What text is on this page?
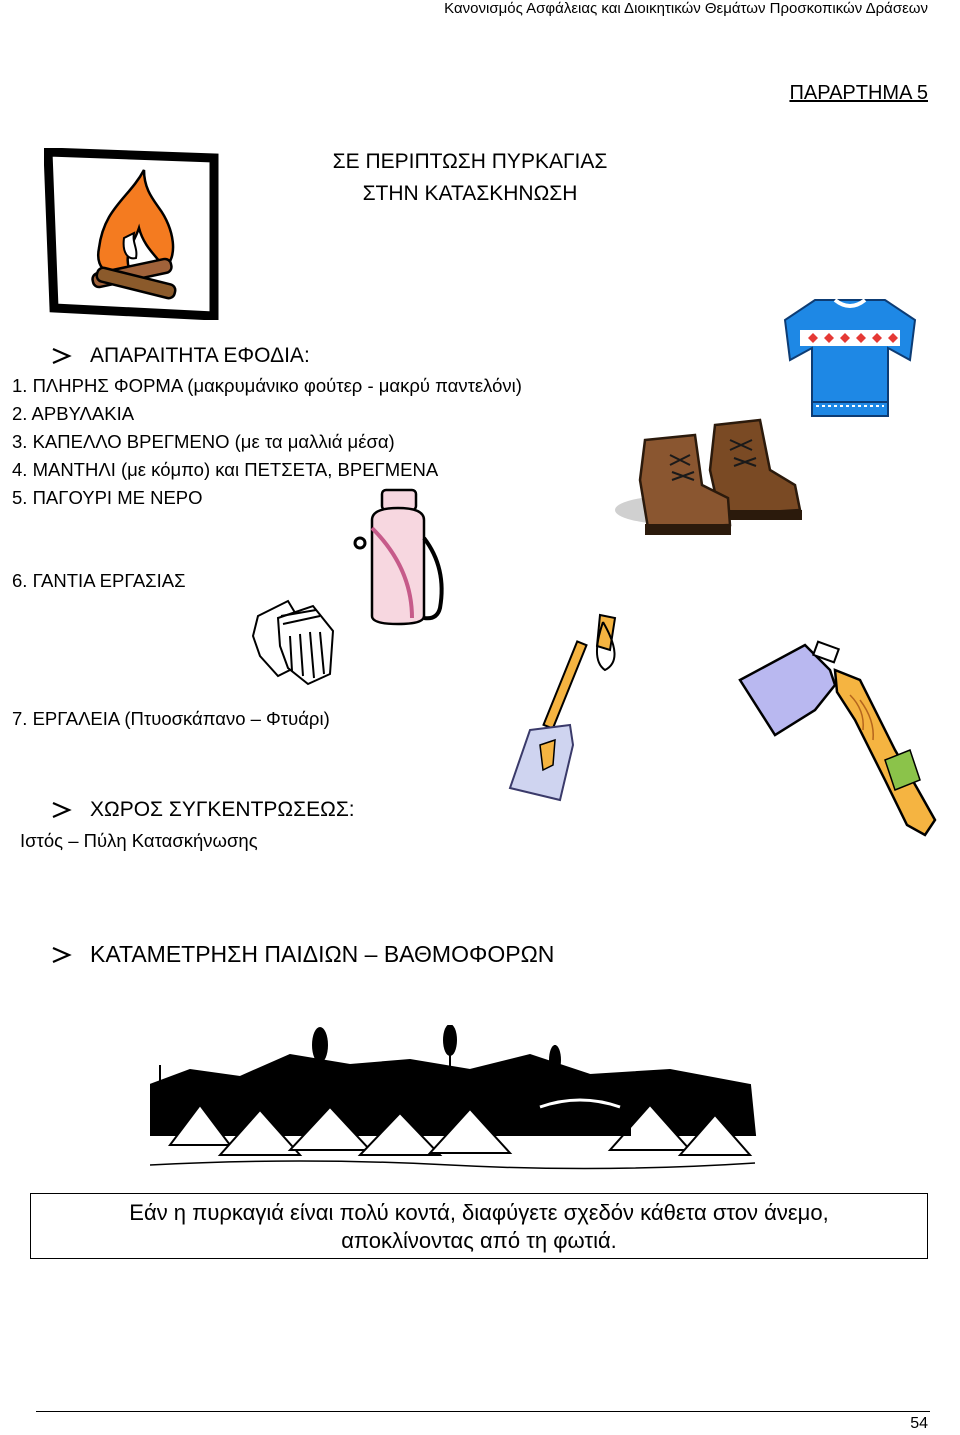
Κανονισμός Ασφάλειας και Διοικητικών Θεμάτων Προσκοπικών Δράσεων
ΠΑΡΑΡΤΗΜΑ 5
ΣΕ ΠΕΡΙΠΤΩΣΗ ΠΥΡΚΑΓΙΑΣ
ΣΤΗΝ ΚΑΤΑΣΚΗΝΩΣΗ
ΑΠΑΡΑΙΤΗΤΑ ΕΦΟΔΙΑ:
1. ΠΛΗΡΗΣ ΦΟΡΜΑ (μακρυμάνικο φούτερ - μακρύ παντελόνι)
2. ΑΡΒΥΛΑΚΙΑ
3. ΚΑΠΕΛΛΟ ΒΡΕΓΜΕΝΟ (με τα μαλλιά μέσα)
4. ΜΑΝΤΗΛΙ (με κόμπο) και ΠΕΤΣΕΤΑ, ΒΡΕΓΜΕΝΑ
5. ΠΑΓΟΥΡΙ ΜΕ ΝΕΡΟ
6. ΓΑΝΤΙΑ ΕΡΓΑΣΙΑΣ
7. ΕΡΓΑΛΕΙΑ (Πτυοσκάπανο – Φτυάρι)
ΧΩΡΟΣ ΣΥΓΚΕΝΤΡΩΣΕΩΣ:
Ιστός – Πύλη Κατασκήνωσης
ΚΑΤΑΜΕΤΡΗΣΗ ΠΑΙΔΙΩΝ – ΒΑΘΜΟΦΟΡΩΝ
Εάν η πυρκαγιά είναι πολύ κοντά, διαφύγετε σχεδόν κάθετα στον άνεμο,
αποκλίνοντας από τη φωτιά.
54
